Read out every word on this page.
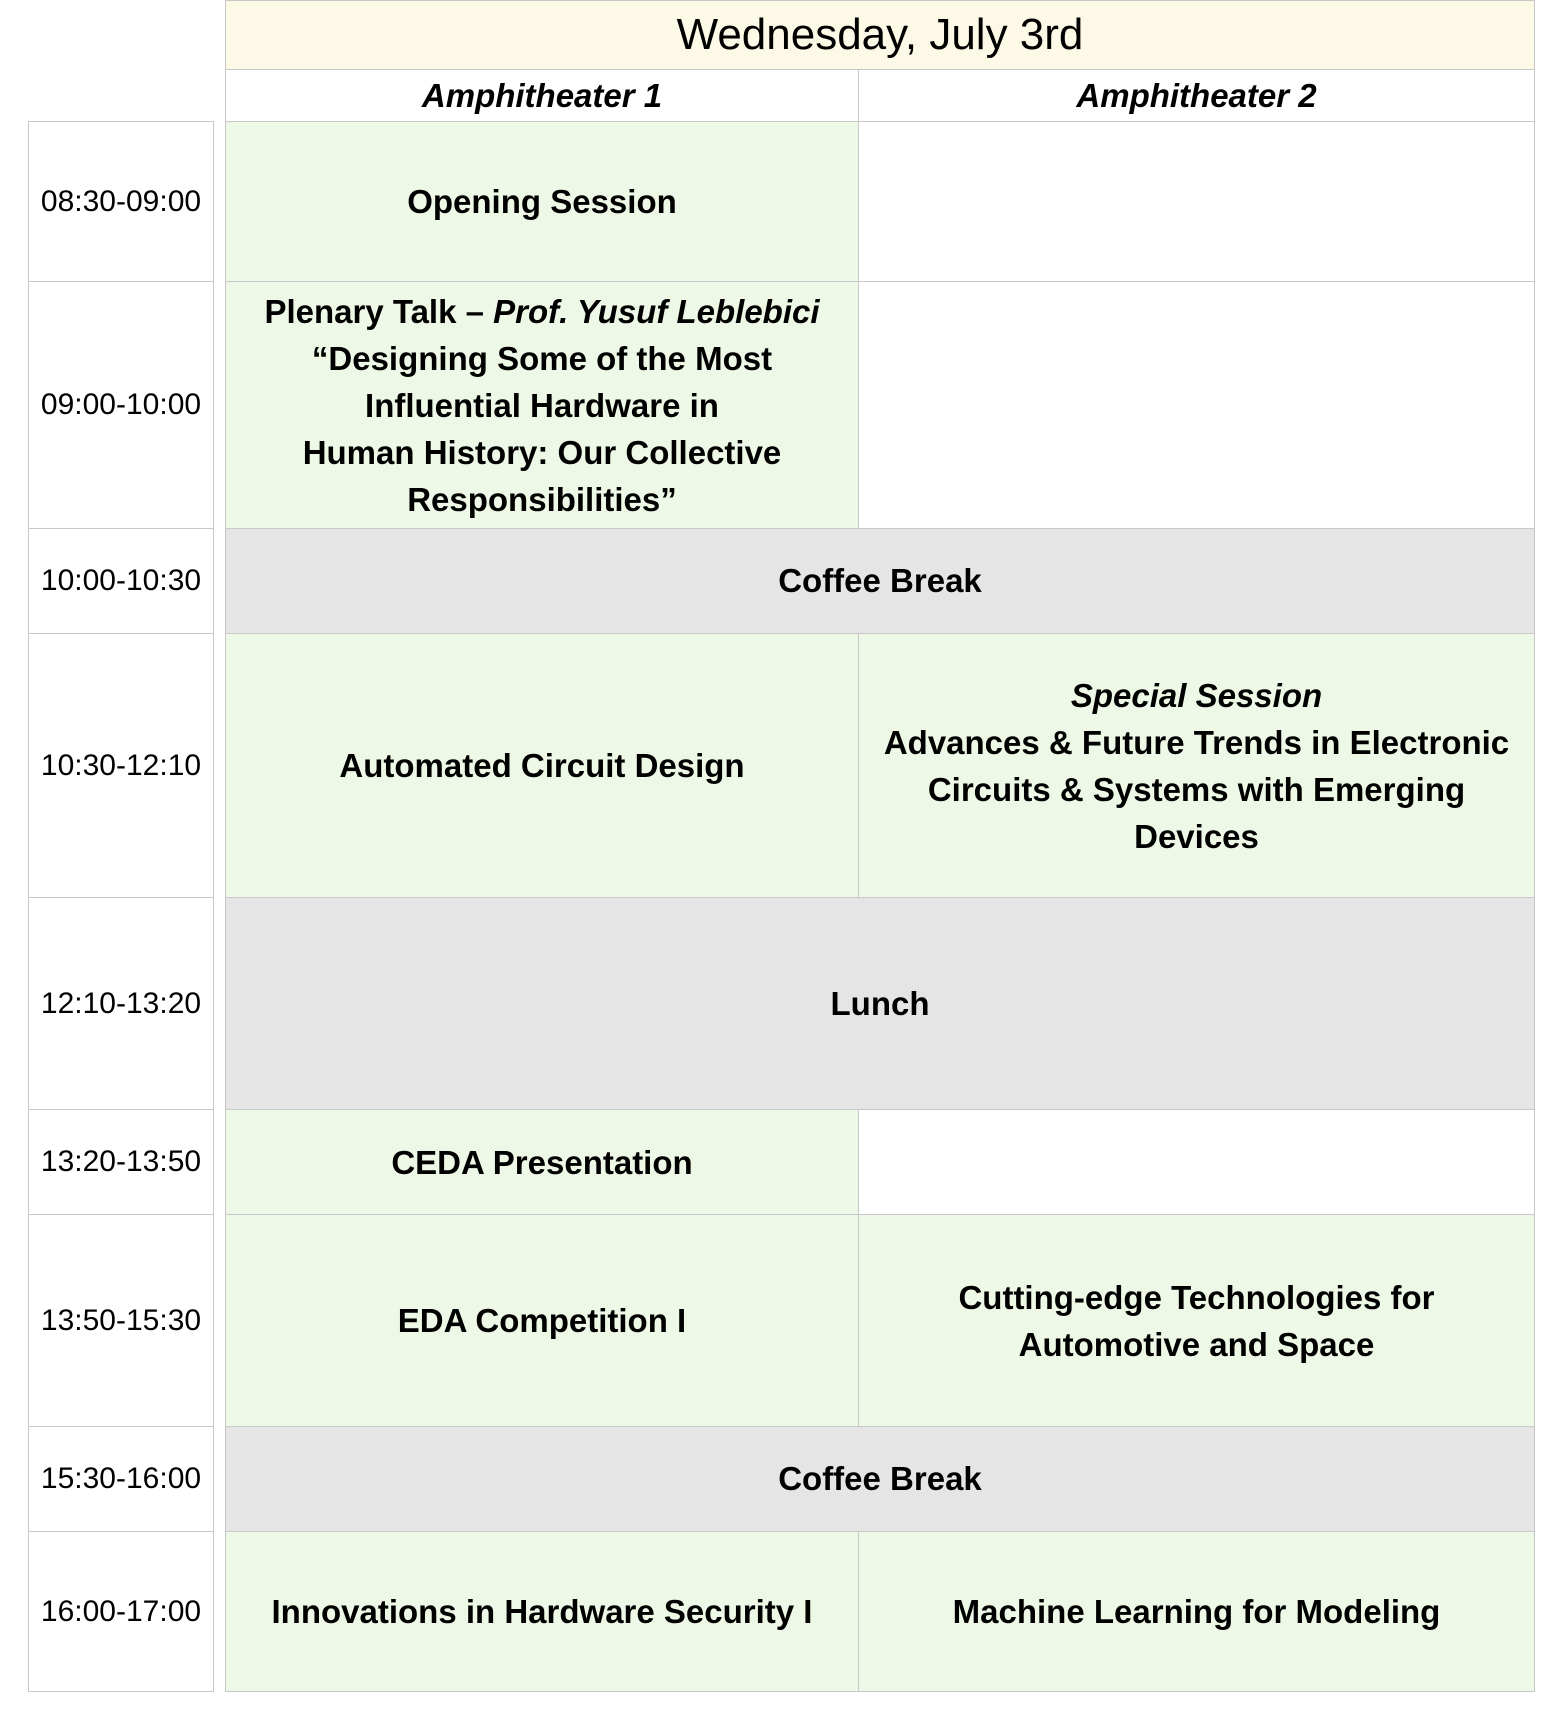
Wednesday, July 3rd
Amphitheater 1	Amphitheater 2
08:30-09:00
09:00-10:00
10:00-10:30
10:30-12:10
12:10-13:20
13:20-13:50
13:50-15:30
15:30-16:00
16:00-17:00
Opening Session
Plenary Talk – Prof. Yusuf Leblebici
“Designing Some of the Most
Influential Hardware in
Human History: Our Collective
Responsibilities”
Coffee Break
Automated Circuit Design
Special Session
Advances & Future Trends in Electronic
Circuits & Systems with Emerging Devices
Lunch
CEDA Presentation
EDA Competition I
Cutting-edge Technologies for
Automotive and Space
Coffee Break
Innovations in Hardware Security I	Machine Learning for Modeling
